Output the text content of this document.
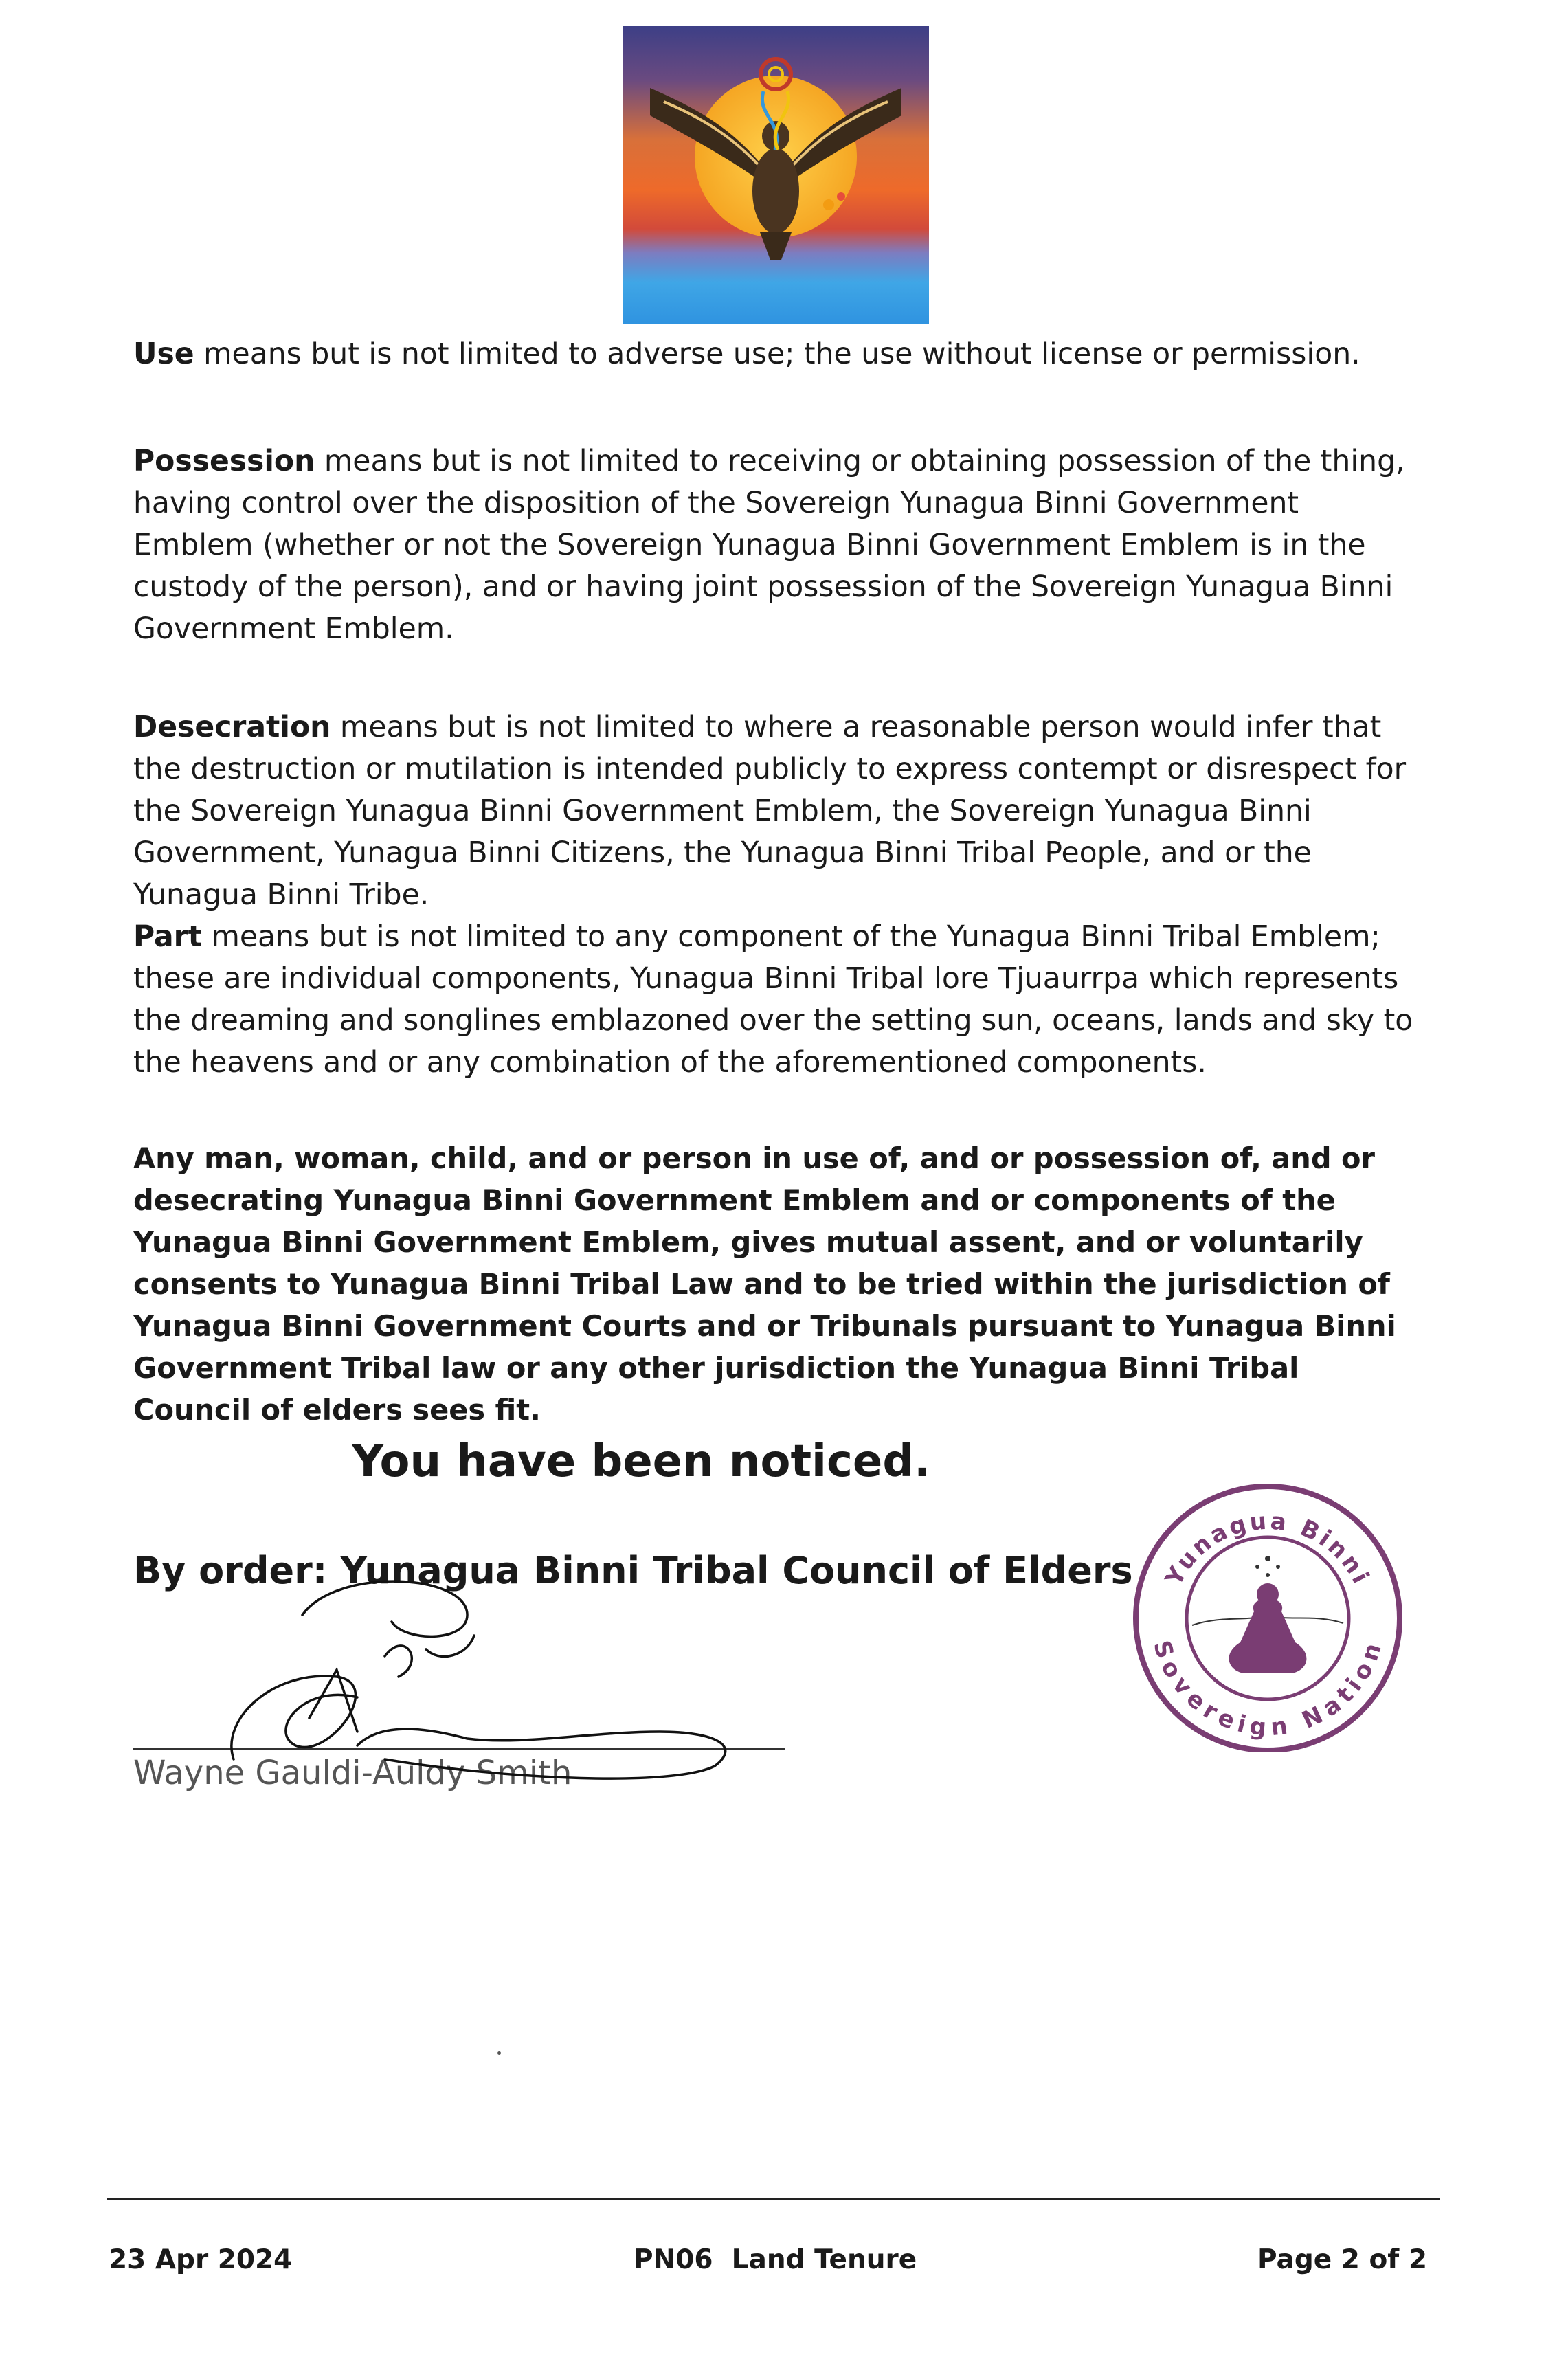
Use means but is not limited to adverse use; the use without license or permission.

Possession means but is not limited to receiving or obtaining possession of the thing, having control over the disposition of the Sovereign Yunagua Binni Government Emblem (whether or not the Sovereign Yunagua Binni Government Emblem is in the custody of the person), and or having joint possession of the Sovereign Yunagua Binni Government Emblem.

Desecration means but is not limited to where a reasonable person would infer that the destruction or mutilation is intended publicly to express contempt or disrespect for the Sovereign Yunagua Binni Government Emblem, the Sovereign Yunagua Binni Government, Yunagua Binni Citizens, the Yunagua Binni Tribal People, and or the Yunagua Binni Tribe.

Part means but is not limited to any component of the Yunagua Binni Tribal Emblem; these are individual components, Yunagua Binni Tribal lore Tjuaurrpa which represents the dreaming and songlines emblazoned over the setting sun, oceans, lands and sky to the heavens and or any combination of the aforementioned components.

Any man, woman, child, and or person in use of, and or possession of, and or desecrating Yunagua Binni Government Emblem and or components of the Yunagua Binni Government Emblem, gives mutual assent, and or voluntarily consents to Yunagua Binni Tribal Law and to be tried within the jurisdiction of Yunagua Binni Government Courts and or Tribunals pursuant to Yunagua Binni Government Tribal law or any other jurisdiction the Yunagua Binni Tribal Council of elders sees fit.

You have been noticed.

By order: Yunagua Binni Tribal Council of Elders

Wayne Gauldi-Auldy Smith

Yunagua Binni
Sovereign Nation

23 Apr 2024	PN06  Land Tenure	Page 2 of 2
